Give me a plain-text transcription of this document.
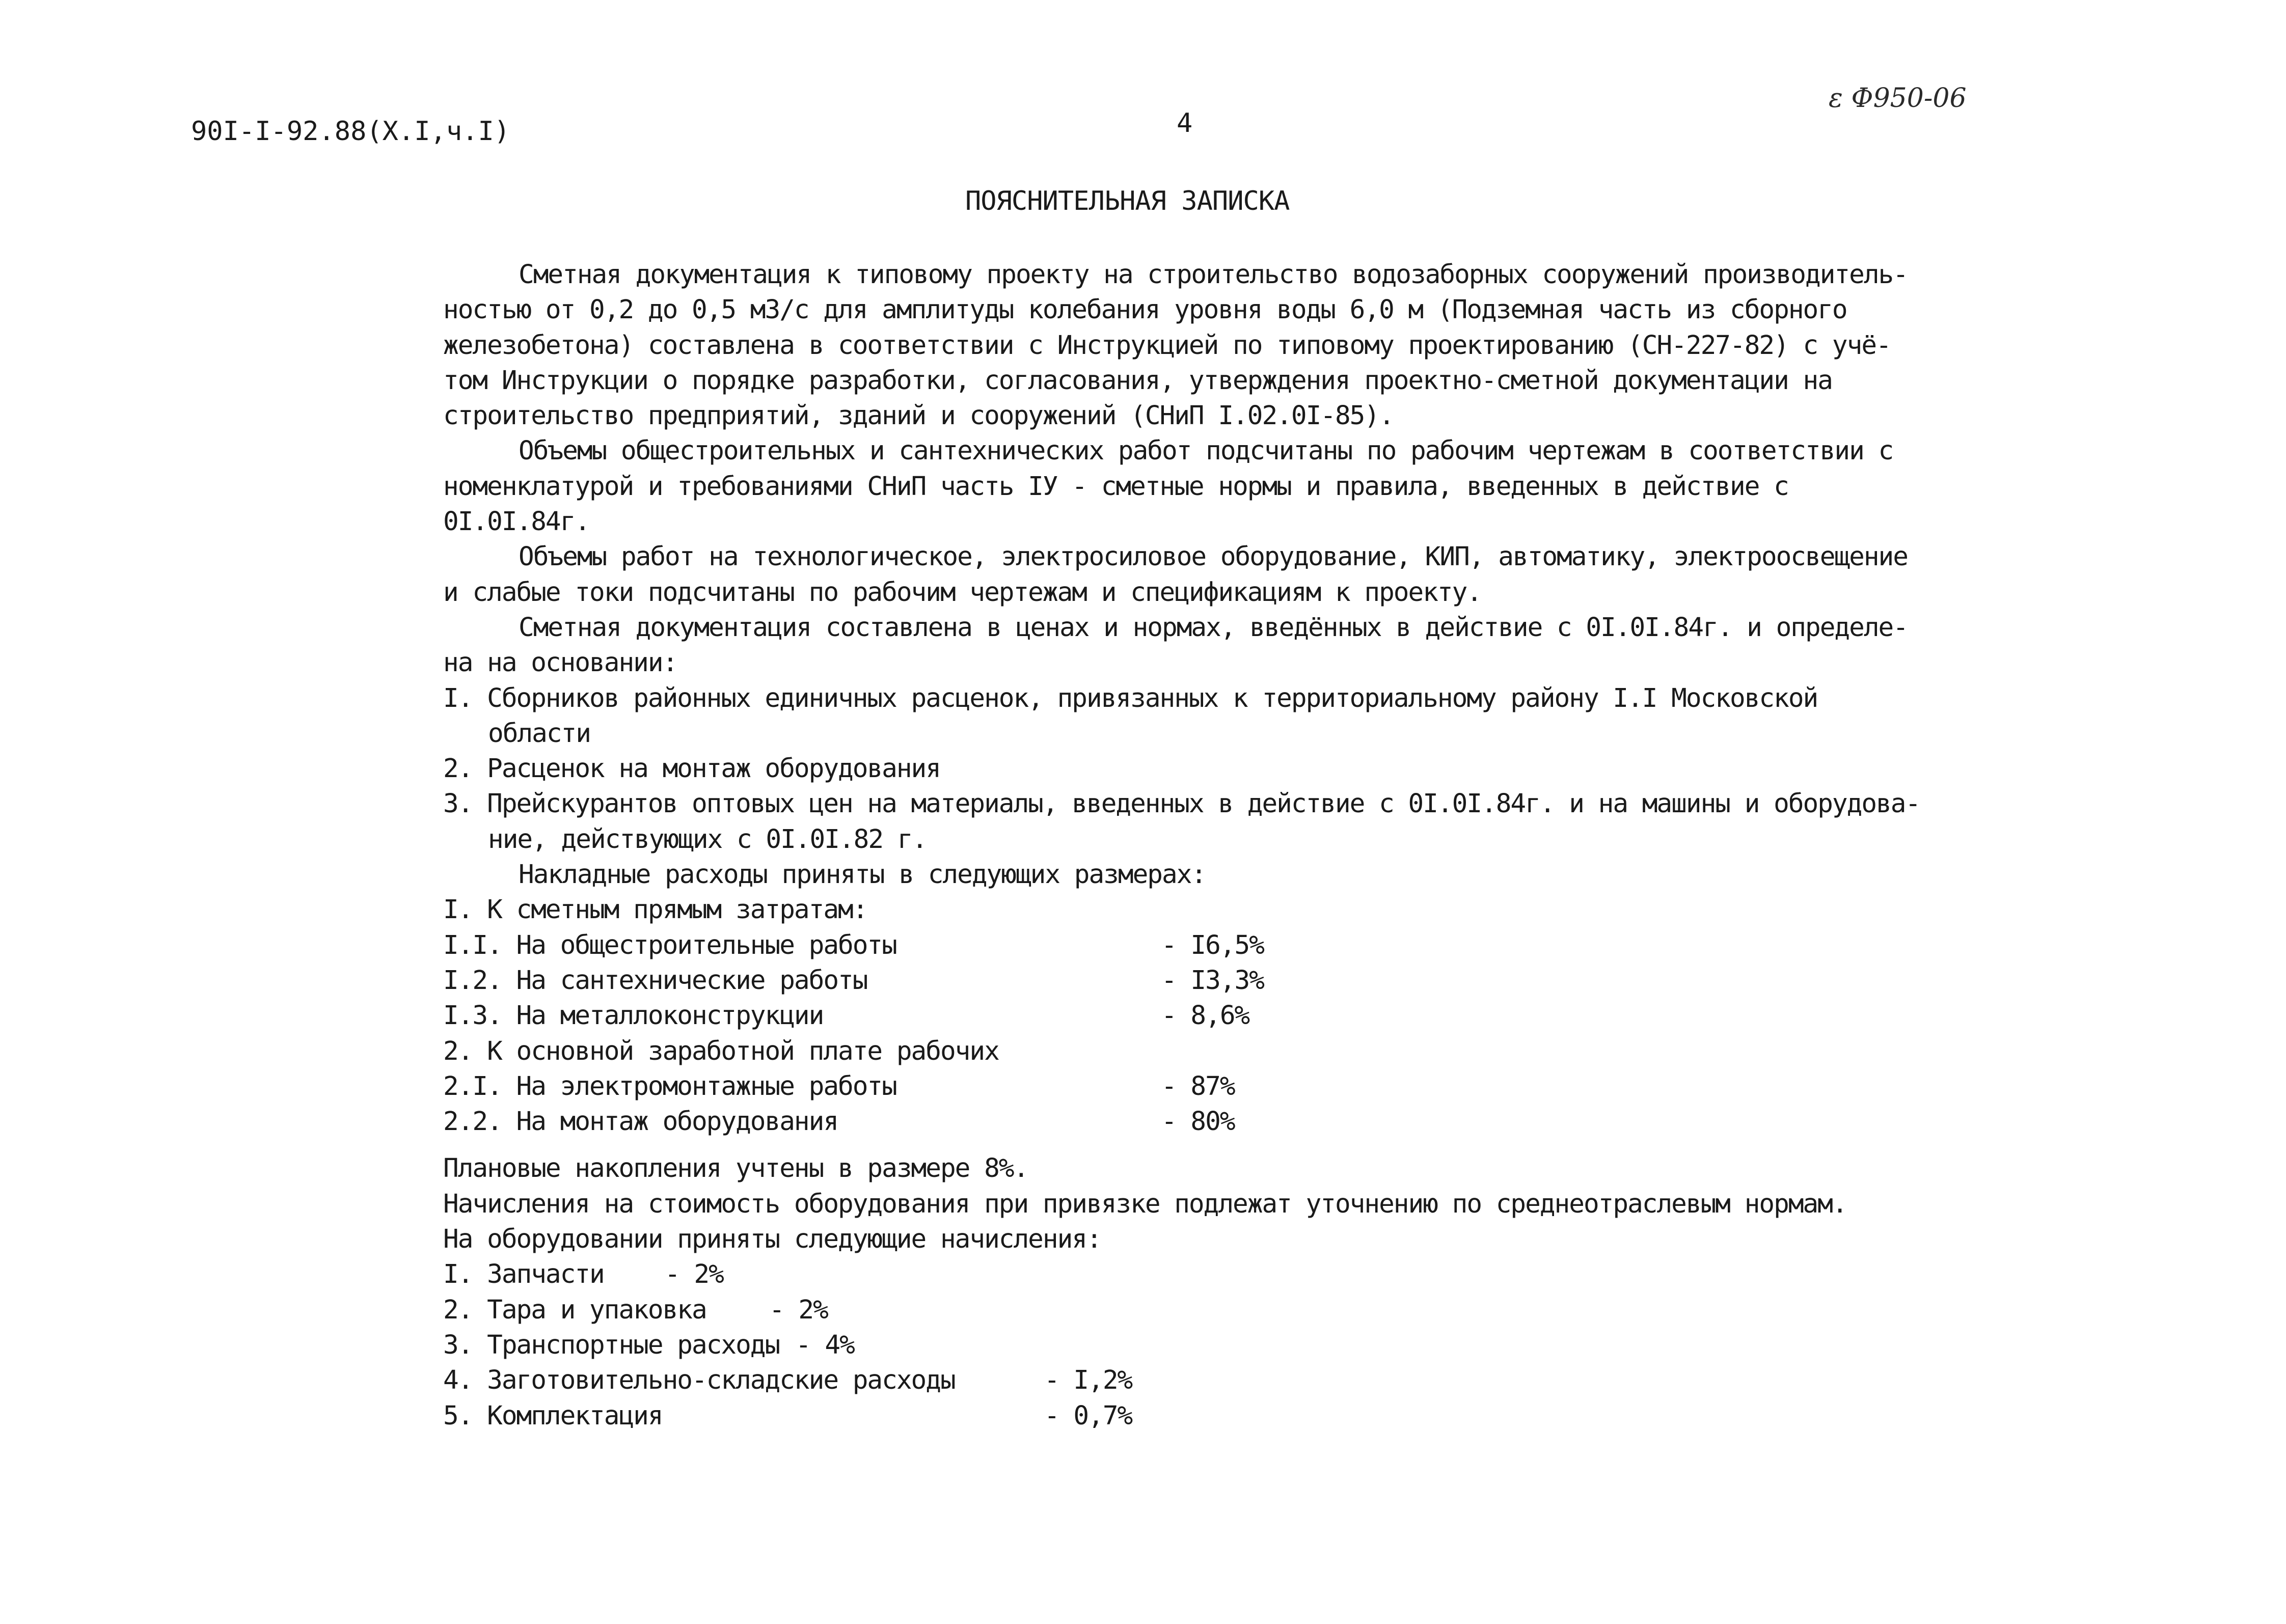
90I-I-92.88(X.I,ч.I)	4
ε Ф950-06
ПОЯСНИТЕЛЬНАЯ ЗАПИСКА

Сметная документация к типовому проекту на строительство водозаборных сооружений производитель-

ностью от 0,2 до 0,5 м3/с для амплитуды колебания уровня воды 6,0 м (Подземная часть из сборного

железобетона) составлена в соответствии с Инструкцией по типовому проектированию (СН-227-82) с учё-

том Инструкции о порядке разработки, согласования, утверждения проектно-сметной документации на

строительство предприятий, зданий и сооружений (СНиП I.02.0I-85).

Объемы общестроительных и сантехнических работ подсчитаны по рабочим чертежам в соответствии с

номенклатурой и требованиями СНиП часть IУ - сметные нормы и правила, введенных в действие с

0I.0I.84г.

Объемы работ на технологическое, электросиловое оборудование, КИП, автоматику, электроосвещение

и слабые токи подсчитаны по рабочим чертежам и спецификациям к проекту.

Сметная документация составлена в ценах и нормах, введённых в действие с 0I.0I.84г. и определе-

на на основании:

I. Сборников районных единичных расценок, привязанных к территориальному району I.I Московской

области

2. Расценок на монтаж оборудования

3. Прейскурантов оптовых цен на материалы, введенных в действие с 0I.0I.84г. и на машины и оборудова-

ние, действующих с 0I.0I.82 г.

Накладные расходы приняты в следующих размерах:

I. К сметным прямым затратам:
I.I. На общестроительные работы	- I6,5%
I.2. На сантехнические работы	- I3,3%
I.3. На металлоконструкции	- 8,6%
2. К основной заработной плате рабочих
2.I. На электромонтажные работы	- 87%
2.2. На монтаж оборудования	- 80%

Плановые накопления учтены в размере 8%.

Начисления на стоимость оборудования при привязке подлежат уточнению по среднеотраслевым нормам.

На оборудовании приняты следующие начисления:

I. Запчасти	- 2%
2. Тара и упаковка	- 2%
3. Транспортные расходы - 4%
4. Заготовительно-складские расходы	- I,2%
5. Комплектация	- 0,7%
